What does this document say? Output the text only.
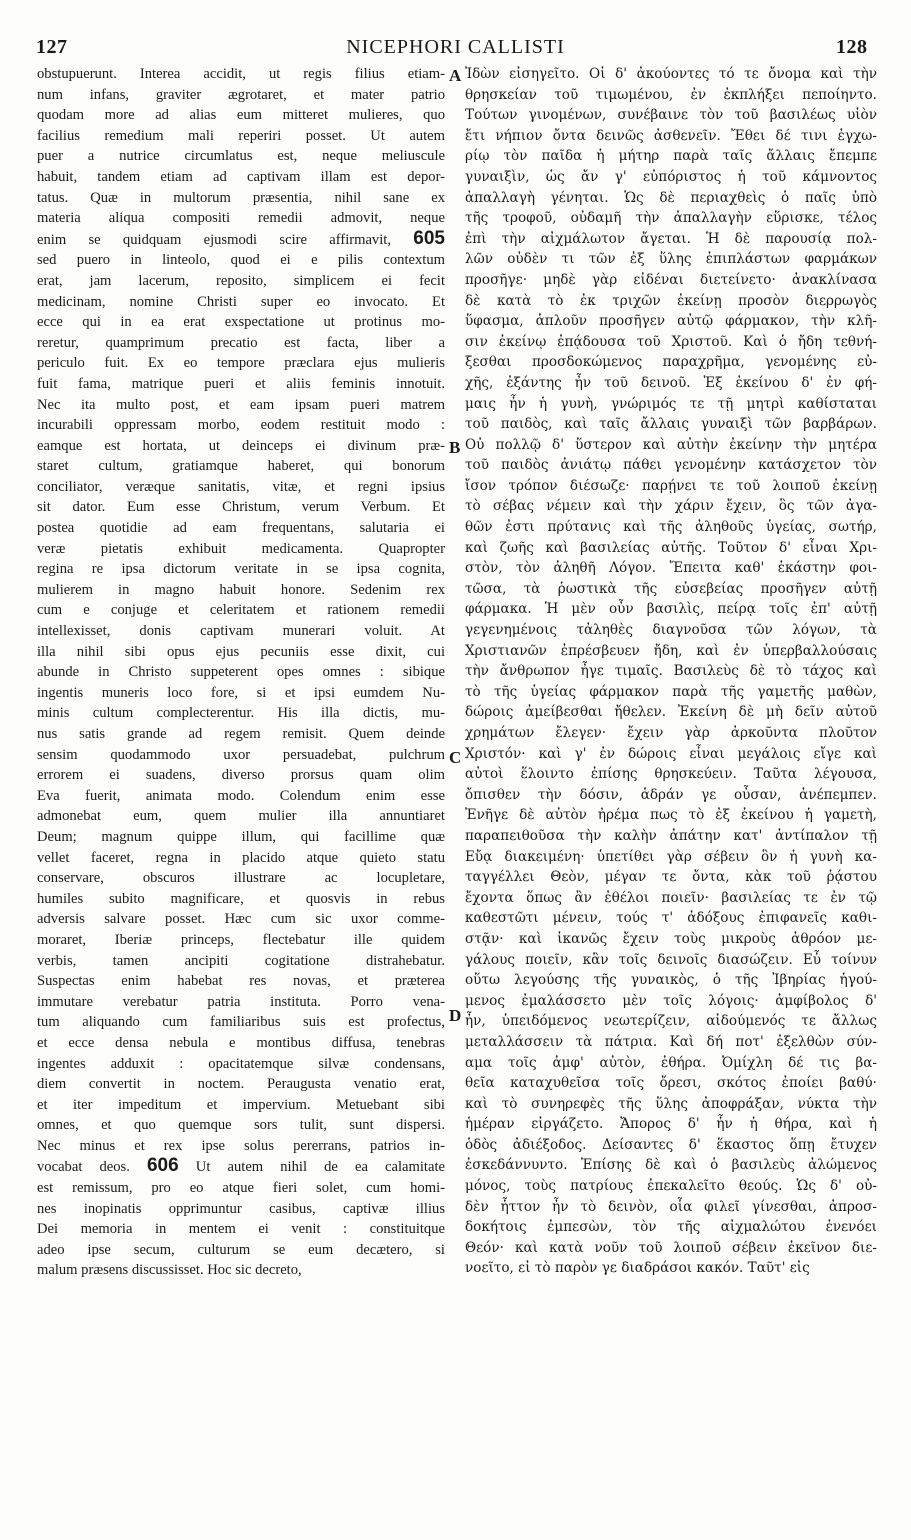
127	NICEPHORI CALLISTI	128
obstupuerunt. Interea accidit, ut regis filius etiam-
num infans, graviter ægrotaret, et mater patrio
quodam more ad alias eum mitteret mulieres, quo
facilius remedium mali reperiri posset. Ut autem
puer a nutrice circumlatus est, neque meliuscule
habuit, tandem etiam ad captivam illam est depor-
tatus. Quæ in multorum præsentia, nihil sane ex
materia aliqua compositi remedii admovit, neque
enim se quidquam ejusmodi scire affirmavit, 605
sed puero in linteolo, quod ei e pilis contextum
erat, jam lacerum, reposito, simplicem ei fecit
medicinam, nomine Christi super eo invocato. Et
ecce qui in ea erat exspectatione ut protinus mo-
reretur, quamprimum precatio est facta, liber a
periculo fuit. Ex eo tempore præclara ejus mulieris
fuit fama, matrique pueri et aliis feminis innotuit.
Nec ita multo post, et eam ipsam pueri matrem
incurabili oppressam morbo, eodem restituit modo :
eamque est hortata, ut deinceps ei divinum præ-
staret cultum, gratiamque haberet, qui bonorum
conciliator, veræque sanitatis, vitæ, et regni ipsius
sit dator. Eum esse Christum, verum Verbum. Et
postea quotidie ad eam frequentans, salutaria ei
veræ pietatis exhibuit medicamenta. Quapropter
regina re ipsa dictorum veritate in se ipsa cognita,
mulierem in magno habuit honore. Sedenim rex
cum e conjuge et celeritatem et rationem remedii
intellexisset, donis captivam munerari voluit. At
illa nihil sibi opus ejus pecuniis esse dixit, cui
abunde in Christo suppeterent opes omnes : sibique
ingentis muneris loco fore, si et ipsi eumdem Nu-
minis cultum complecterentur. His illa dictis, mu-
nus satis grande ad regem remisit. Quem deinde
sensim quodammodo uxor persuadebat, pulchrum
errorem ei suadens, diverso prorsus quam olim
Eva fuerit, animata modo. Colendum enim esse
admonebat eum, quem mulier illa annuntiaret
Deum; magnum quippe illum, qui facillime quæ
vellet faceret, regna in placido atque quieto statu
conservare, obscuros illustrare ac locupletare,
humiles subito magnificare, et quosvis in rebus
adversis salvare posset. Hæc cum sic uxor comme-
moraret, Iberiæ princeps, flectebatur ille quidem
verbis, tamen ancipiti cogitatione distrahebatur.
Suspectas enim habebat res novas, et præterea
immutare verebatur patria instituta. Porro vena-
tum aliquando cum familiaribus suis est profectus,
et ecce densa nebula e montibus diffusa, tenebras
ingentes adduxit : opacitatemque silvæ condensans,
diem convertit in noctem. Peraugusta venatio erat,
et iter impeditum et impervium. Metuebant sibi
omnes, et quo quemque sors tulit, sunt dispersi.
Nec minus et rex ipse solus pererrans, patrios in-
vocabat deos. 606 Ut autem nihil de ea calamitate
est remissum, pro eo atque fieri solet, cum homi-
nes inopinatis opprimuntur casibus, captivæ illius
Dei memoria in mentem ei venit : constituitque
adeo ipse secum, culturum se eum decætero, si
malum præsens discussisset. Hoc sic decreto,
A
B
C
D
Ἰδὼν εἰσηγεῖτο. Οἱ δ' ἀκούοντες τό τε ὄνομα καὶ τὴν
θρησκείαν τοῦ τιμωμένου, ἐν ἐκπλήξει πεποίηντο.
Τούτων γινομένων, συνέβαινε τὸν τοῦ βασιλέως υἱὸν
ἔτι νήπιον ὄντα δεινῶς ἀσθενεῖν. Ἔθει δέ τινι ἐγχω-
ρίῳ τὸν παῖδα ἡ μήτηρ παρὰ ταῖς ἄλλαις ἔπεμπε
γυναιξὶν, ὡς ἄν γ' εὐπόριστος ἡ τοῦ κάμνοντος
ἀπαλλαγὴ γένηται. Ὡς δὲ περιαχθεὶς ὁ παῖς ὑπὸ
τῆς τροφοῦ, οὐδαμῆ τὴν ἀπαλλαγὴν εὕρισκε, τέλος
ἐπὶ τὴν αἰχμάλωτον ἄγεται. Ἡ δὲ παρουσίᾳ πολ-
λῶν οὐδὲν τι τῶν ἐξ ὕλης ἐπιπλάστων φαρμάκων
προσῆγε· μηδὲ γὰρ εἰδέναι διετείνετο· ἀνακλίνασα
δὲ κατὰ τὸ ἐκ τριχῶν ἐκείνῃ προσὸν διερρωγὸς
ὕφασμα, ἁπλοῦν προσῆγεν αὐτῷ φάρμακον, τὴν κλῆ-
σιν ἐκείνῳ ἐπᾴδουσα τοῦ Χριστοῦ. Καὶ ὁ ἤδη τεθνή-
ξεσθαι προσδοκώμενος παραχρῆμα, γενομένης εὐ-
χῆς, ἐξάντης ἦν τοῦ δεινοῦ. Ἐξ ἐκείνου δ' ἐν φή-
μαις ἦν ἡ γυνὴ, γνώριμός τε τῇ μητρὶ καθίσταται
τοῦ παιδὸς, καὶ ταῖς ἄλλαις γυναιξὶ τῶν βαρβάρων.
Οὐ πολλῷ δ' ὕστερον καὶ αὐτὴν ἐκείνην τὴν μητέρα
τοῦ παιδὸς ἀνιάτῳ πάθει γενομένην κατάσχετον τὸν
ἴσον τρόπον διέσωζε· παρῄνει τε τοῦ λοιποῦ ἐκείνῃ
τὸ σέβας νέμειν καὶ τὴν χάριν ἔχειν, ὃς τῶν ἀγα-
θῶν ἐστι πρύτανις καὶ τῆς ἀληθοῦς ὑγείας, σωτήρ,
καὶ ζωῆς καὶ βασιλείας αὐτῆς. Τοῦτον δ' εἶναι Χρι-
στὸν, τὸν ἀληθῆ Λόγον. Ἔπειτα καθ' ἑκάστην φοι-
τῶσα, τὰ ῥωστικὰ τῆς εὐσεβείας προσῆγεν αὐτῇ
φάρμακα. Ἡ μὲν οὖν βασιλὶς, πείρᾳ τοῖς ἐπ' αὐτῇ
γεγενημένοις τἀληθὲς διαγνοῦσα τῶν λόγων, τὰ
Χριστιανῶν ἐπρέσβευεν ἤδη, καὶ ἐν ὑπερβαλλούσαις
τὴν ἄνθρωπον ἦγε τιμαῖς. Βασιλεὺς δὲ τὸ τάχος καὶ
τὸ τῆς ὑγείας φάρμακον παρὰ τῆς γαμετῆς μαθὼν,
δώροις ἀμείβεσθαι ἤθελεν. Ἐκείνη δὲ μὴ δεῖν αὐτοῦ
χρημάτων ἔλεγεν· ἔχειν γὰρ ἀρκοῦντα πλοῦτον
Χριστόν· καὶ γ' ἐν δώροις εἶναι μεγάλοις εἴγε καὶ
αὐτοὶ ἕλοιντο ἐπίσης θρησκεύειν. Ταῦτα λέγουσα,
ὄπισθεν τὴν δόσιν, ἁδράν γε οὖσαν, ἀνέπεμπεν.
Ἐνῆγε δὲ αὐτὸν ἠρέμα πως τὸ ἐξ ἐκείνου ἡ γαμετὴ,
παραπειθοῦσα τὴν καλὴν ἀπάτην κατ' ἀντίπαλον τῇ
Εὔᾳ διακειμένη· ὑπετίθει γὰρ σέβειν ὃν ἡ γυνὴ κα-
ταγγέλλει Θεὸν, μέγαν τε ὄντα, κὰκ τοῦ ῥᾴστου
ἔχοντα ὅπως ἂν ἐθέλοι ποιεῖν· βασιλείας τε ἐν τῷ
καθεστῶτι μένειν, τούς τ' ἀδόξους ἐπιφανεῖς καθι-
στᾷν· καὶ ἱκανῶς ἔχειν τοὺς μικροὺς ἀθρόον με-
γάλους ποιεῖν, κἂν τοῖς δεινοῖς διασώζειν. Εὖ τοίνυν
οὕτω λεγούσης τῆς γυναικὸς, ὁ τῆς Ἰβηρίας ἡγού-
μενος ἐμαλάσσετο μὲν τοῖς λόγοις· ἀμφίβολος δ'
ἦν, ὑπειδόμενος νεωτερίζειν, αἰδούμενός τε ἄλλως
μεταλλάσσειν τὰ πάτρια. Καὶ δή ποτ' ἐξελθὼν σύν-
αμα τοῖς ἀμφ' αὐτὸν, ἐθήρα. Ὀμίχλη δέ τις βα-
θεῖα καταχυθεῖσα τοῖς ὄρεσι, σκότος ἐποίει βαθύ·
καὶ τὸ συνηρεφὲς τῆς ὕλης ἀποφράξαν, νύκτα τὴν
ἡμέραν εἰργάζετο. Ἄπορος δ' ἦν ἡ θήρα, καὶ ἡ
ὁδὸς ἀδιέξοδος. Δείσαντες δ' ἕκαστος ὅπῃ ἔτυχεν
ἐσκεδάννυντο. Ἐπίσης δὲ καὶ ὁ βασιλεὺς ἀλώμενος
μόνος, τοὺς πατρίους ἐπεκαλεῖτο θεούς. Ὡς δ' οὐ-
δὲν ἧττον ἦν τὸ δεινὸν, οἷα φιλεῖ γίνεσθαι, ἀπροσ-
δοκήτοις ἐμπεσὼν, τὸν τῆς αἰχμαλώτου ἐνενόει
Θεόν· καὶ κατὰ νοῦν τοῦ λοιποῦ σέβειν ἐκεῖνον διε-
νοεῖτο, εἰ τὸ παρὸν γε διαδράσοι κακόν. Ταῦτ' εἰς
